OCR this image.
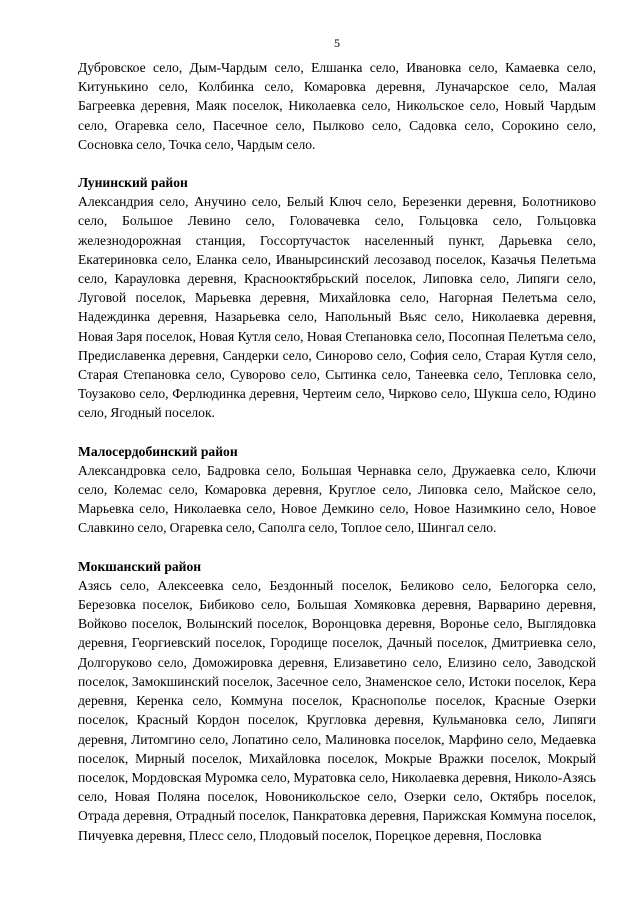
5

Дубровское село, Дым-Чардым село, Елшанка село, Ивановка село, Камаевка село, Китунькино село, Колбинка село, Комаровка деревня, Луначарское село, Малая Багреевка деревня, Маяк поселок, Николаевка село, Никольское село, Новый Чардым село, Огаревка село, Пасечное село, Пылково село, Садовка село, Сорокино село, Сосновка село, Точка село, Чардым село.

Лунинский район

Александрия село, Анучино село, Белый Ключ село, Березенки деревня, Болотниково село, Большое Левино село, Головачевка село, Гольцовка село, Гольцовка железнодорожная станция, Госсортучасток населенный пункт, Дарьевка село, Екатериновка село, Еланка село, Иванырсинский лесозавод поселок, Казачья Пелетьма село, Карауловка деревня, Краснооктябрьский поселок, Липовка село, Липяги село, Луговой поселок, Марьевка деревня, Михайловка село, Нагорная Пелетьма село, Надеждинка деревня, Назарьевка село, Напольный Вьяс село, Николаевка деревня, Новая Заря поселок, Новая Кутля село, Новая Степановка село, Посопная Пелетьма село, Предиславенка деревня, Сандерки село, Синорово село, София село, Старая Кутля село, Старая Степановка село, Суворово село, Сытинка село, Танеевка село, Тепловка село, Тоузаково село, Ферлюдинка деревня, Чертеим село, Чирково село, Шукша село, Юдино село, Ягодный поселок.

Малосердобинский район

Александровка село, Бадровка село, Большая Чернавка село, Дружаевка село, Ключи село, Колемас село, Комаровка деревня, Круглое село, Липовка село, Майское село, Марьевка село, Николаевка село, Новое Демкино село, Новое Назимкино село, Новое Славкино село, Огаревка село, Саполга село, Топлое село, Шингал село.

Мокшанский район

Азясь село, Алексеевка село, Бездонный поселок, Беликово село, Белогорка село, Березовка поселок, Бибиково село, Большая Хомяковка деревня, Варварино деревня, Войково поселок, Волынский поселок, Воронцовка деревня, Воронье село, Выглядовка деревня, Георгиевский поселок, Городище поселок, Дачный поселок, Дмитриевка село, Долгоруково село, Доможировка деревня, Елизаветино село, Елизино село, Заводской поселок, Замокшинский поселок, Засечное село, Знаменское село, Истоки поселок, Кера деревня, Керенка село, Коммуна поселок, Краснополье поселок, Красные Озерки поселок, Красный Кордон поселок, Кругловка деревня, Кульмановка село, Липяги деревня, Литомгино село, Лопатино село, Малиновка поселок, Марфино село, Медаевка поселок, Мирный поселок, Михайловка поселок, Мокрые Вражки поселок, Мокрый поселок, Мордовская Муромка село, Муратовка село, Николаевка деревня, Николо-Азясь село, Новая Поляна поселок, Новоникольское село, Озерки село, Октябрь поселок, Отрада деревня, Отрадный поселок, Панкратовка деревня, Парижская Коммуна поселок, Пичуевка деревня, Плесс село, Плодовый поселок, Порецкое деревня, Пословка
